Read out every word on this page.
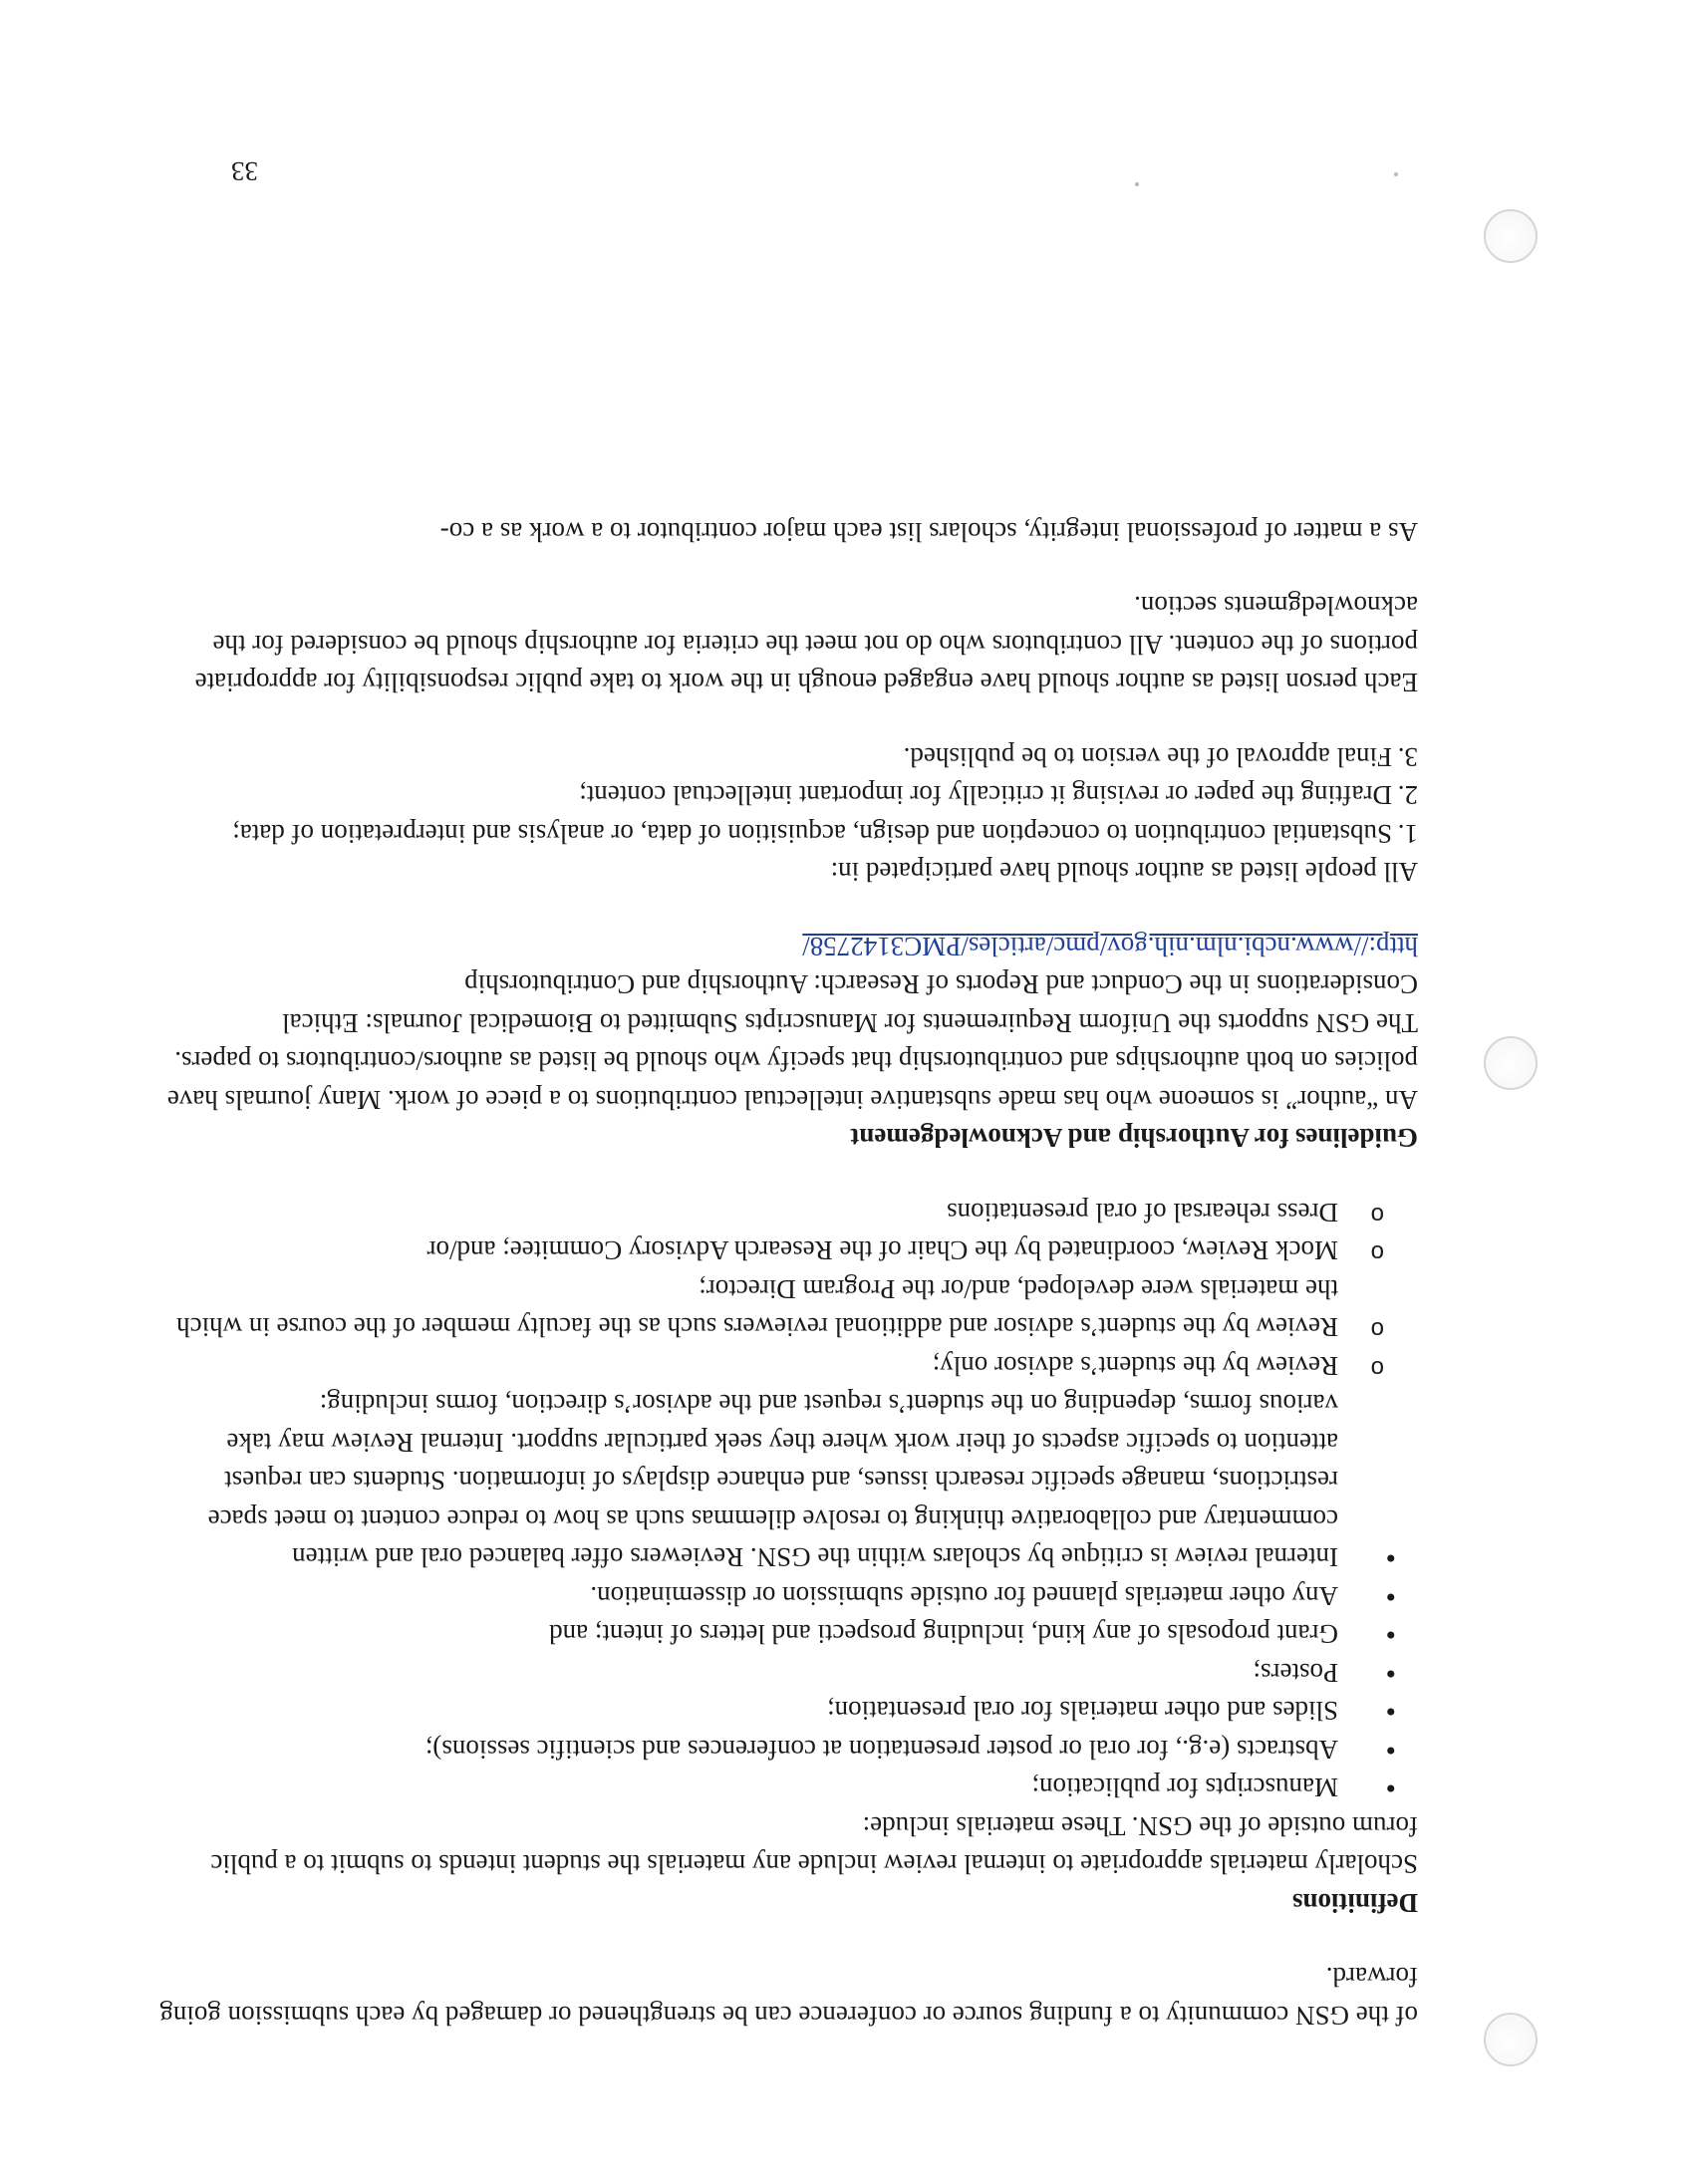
of the GSN community to a funding source or conference can be strengthened or damaged by each submission going forward.

Definitions

Scholarly materials appropriate to internal review include any materials the student intends to submit to a public forum outside of the GSN. These materials include:

• Manuscripts for publication;
• Abstracts (e.g., for oral or poster presentation at conferences and scientific sessions);
• Slides and other materials for oral presentation;
• Posters;
• Grant proposals of any kind, including prospecti and letters of intent; and
• Any other materials planned for outside submission or dissemination.
• Internal review is critique by scholars within the GSN. Reviewers offer balanced oral and written commentary and collaborative thinking to resolve dilemmas such as how to reduce content to meet space restrictions, manage specific research issues, and enhance displays of information. Students can request attention to specific aspects of their work where they seek particular support. Internal Review may take various forms, depending on the student’s request and the advisor’s direction, forms including:
o Review by the student’s advisor only;
o Review by the student’s advisor and additional reviewers such as the faculty member of the course in which the materials were developed, and/or the Program Director;
o Mock Review, coordinated by the Chair of the Research Advisory Commitee; and/or
o Dress rehearsal of oral presentations

Guidelines for Authorship and Acknowledgement

An “author” is someone who has made substantive intellectual contributions to a piece of work. Many journals have policies on both authorships and contributorship that specify who should be listed as authors/contributors to papers. The GSN supports the Uniform Requirements for Manuscripts Submitted to Biomedical Journals: Ethical Considerations in the Conduct and Reports of Research: Authorship and Contributorship
http://www.ncbi.nlm.nih.gov/pmc/articles/PMC3142758/

All people listed as author should have participated in:

1.
Substantial contribution to conception and design, acquisition of data, or analysis and interpretation of data;
2.
Drafting the paper or revising it critically for important intellectual content;
3.
Final approval of the version to be published.

Each person listed as author should have engaged enough in the work to take public responsibility for appropriate portions of the content. All contributors who do not meet the criteria for authorship should be considered for the acknowledgments section.

As a matter of professional integrity, scholars list each major contributor to a work as a co-

33
